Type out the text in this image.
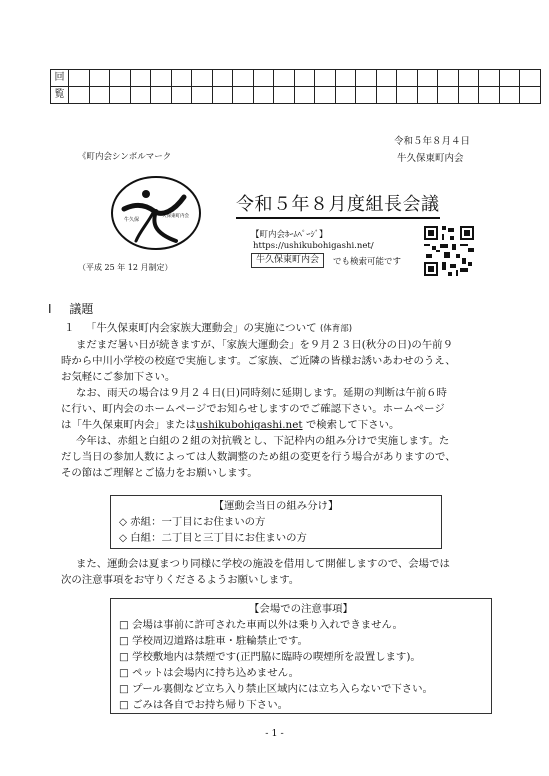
回																							
覧																							
令和５年８月４日
牛久保東町内会
《町内会シンボルマーク
牛久保
久保東町内会
（平成 25 年 12 月制定）
令和５年８月度組長会議
【町内会ﾎｰﾑﾍﾟｰｼﾞ】
https://ushikubohigashi.net/
牛久保東町内会	でも検索可能です
Ⅰ 議題
１ 「牛久保東町内会家族大運動会」の実施について (体育部)
まだまだ暑い日が続きますが、「家族大運動会」を９月２３日(秋分の日)の午前９
時から中川小学校の校庭で実施します。ご家族、ご近隣の皆様お誘いあわせのうえ、
お気軽にご参加下さい。
なお、雨天の場合は９月２４日(日)同時刻に延期します。延期の判断は午前６時
に行い、町内会のホームページでお知らせしますのでご確認下さい。ホームページ
は「牛久保東町内会」またはushikubohigashi.net で検索して下さい。
今年は、赤組と白組の２組の対抗戦とし、下記枠内の組み分けで実施します。た
だし当日の参加人数によっては人数調整のため組の変更を行う場合がありますので、
その節はご理解とご協力をお願いします。
【運動会当日の組み分け】
◇ 赤組：一丁目にお住まいの方
◇ 白組：二丁目と三丁目にお住まいの方
また、運動会は夏まつり同様に学校の施設を借用して開催しますので、会場では
次の注意事項をお守りくださるようお願いします。
【会場での注意事項】
□ 会場は事前に許可された車両以外は乗り入れできません。
□ 学校周辺道路は駐車・駐輪禁止です。
□ 学校敷地内は禁煙です(正門脇に臨時の喫煙所を設置します)。
□ ペットは会場内に持ち込めません。
□ プール裏側など立ち入り禁止区域内には立ち入らないで下さい。
□ ごみは各自でお持ち帰り下さい。
- 1 -
